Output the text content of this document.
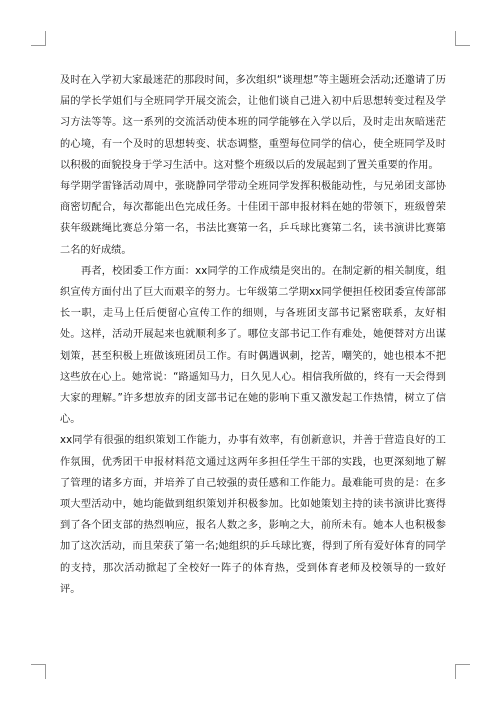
及时在入学初大家最迷茫的那段时间，多次组织“谈理想”等主题班会活动;还邀请了历届的学长学姐们与全班同学开展交流会，让他们谈自己进入初中后思想转变过程及学习方法等等。这一系列的交流活动使本班的同学能够在入学以后，及时走出灰暗迷茫的心境，有一个及时的思想转变、状态调整，重塑每位同学的信心，使全班同学及时以积极的面貌投身于学习生活中。这对整个班级以后的发展起到了置关重要的作用。

每学期学雷锋活动周中，张晓静同学带动全班同学发挥积极能动性，与兄弟团支部协商密切配合，每次都能出色完成任务。十佳团干部申报材料在她的带领下，班级曾荣获年级跳绳比赛总分第一名，书法比赛第一名，乒乓球比赛第二名，读书演讲比赛第二名的好成绩。

再者，校团委工作方面：xx同学的工作成绩是突出的。在制定新的相关制度，组织宣传方面付出了巨大而艰辛的努力。七年级第二学期xx同学便担任校团委宣传部部长一职，走马上任后便留心宣传工作的细则，与各班团支部书记紧密联系，友好相处。这样，活动开展起来也就顺利多了。哪位支部书记工作有难处，她便替对方出谋划策，甚至积极上班做该班团员工作。有时偶遇讽刺，挖苦，嘲笑的，她也根本不把这些放在心上。她常说：“路遥知马力，日久见人心。相信我所做的，终有一天会得到大家的理解。”许多想放弃的团支部书记在她的影响下重又激发起工作热情，树立了信心。

xx同学有很强的组织策划工作能力，办事有效率，有创新意识，并善于营造良好的工作氛围，优秀团干申报材料范文通过这两年多担任学生干部的实践，也更深刻地了解了管理的诸多方面，并培养了自己较强的责任感和工作能力。最难能可贵的是：在多项大型活动中，她均能做到组织策划并积极参加。比如她策划主持的读书演讲比赛得到了各个团支部的热烈响应，报名人数之多，影响之大，前所未有。她本人也积极参加了这次活动，而且荣获了第一名;她组织的乒乓球比赛，得到了所有爱好体育的同学的支持，那次活动掀起了全校好一阵子的体育热，受到体育老师及校领导的一致好评。
